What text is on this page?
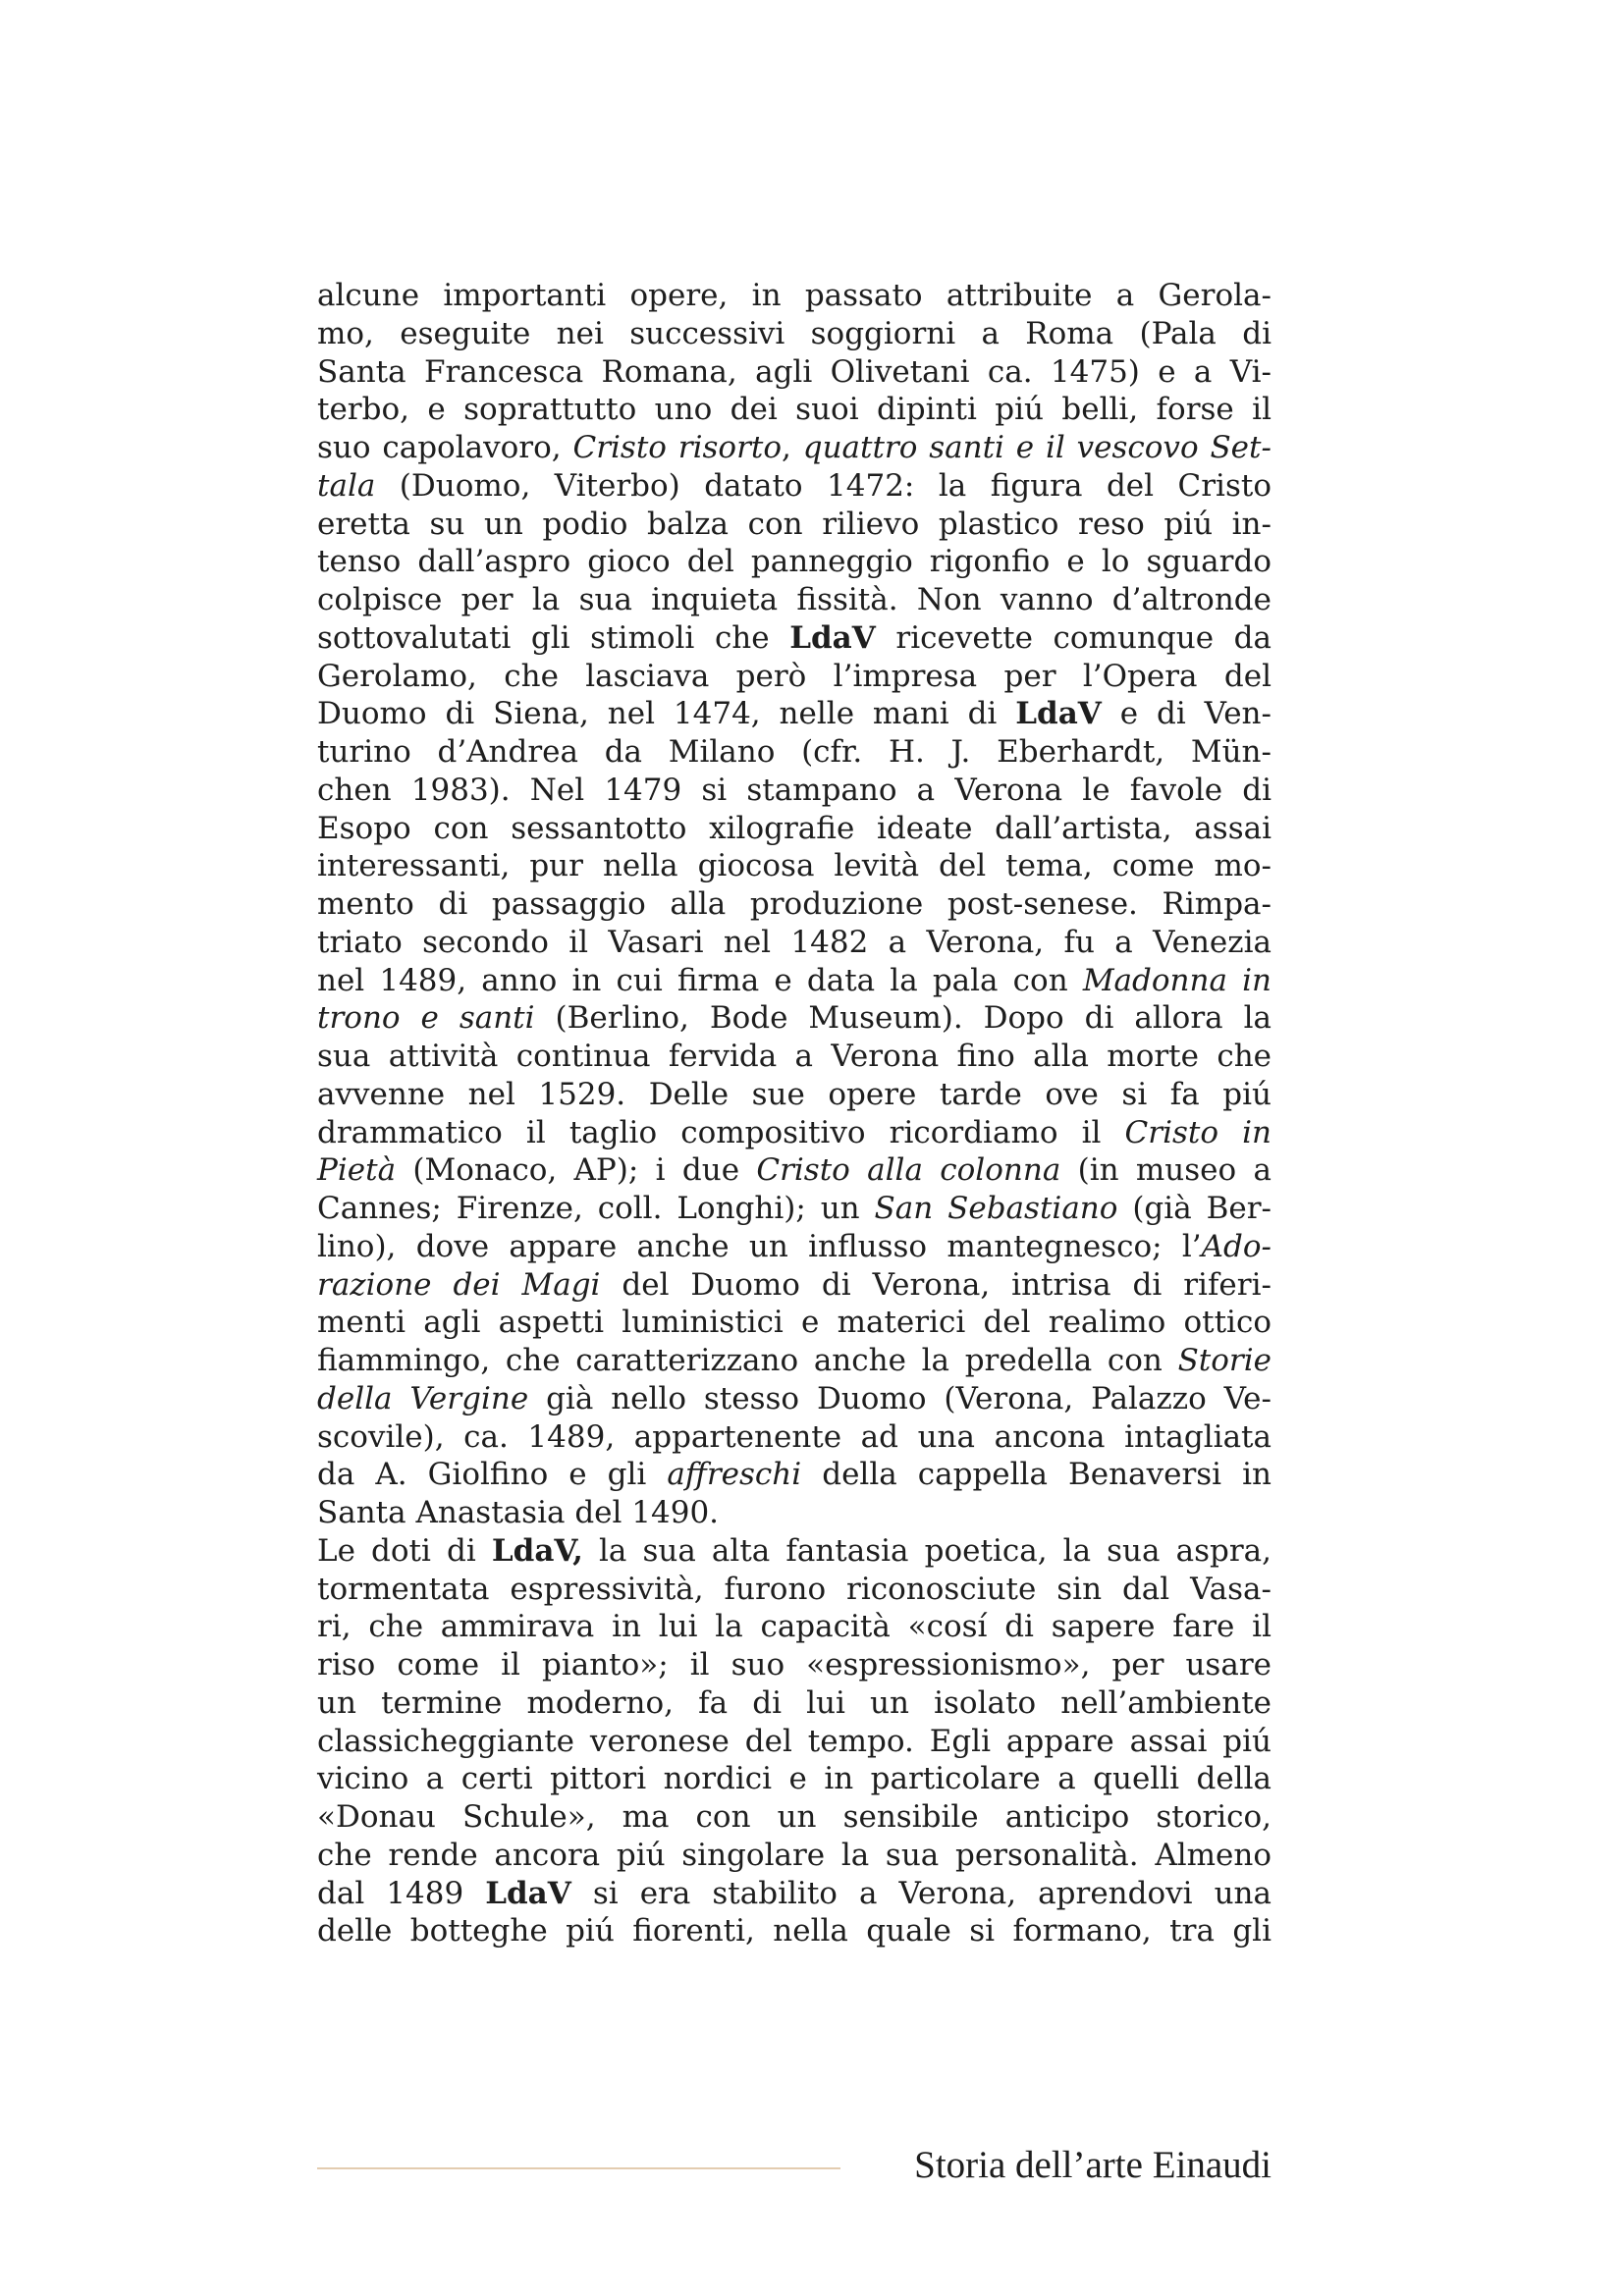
alcune importanti opere, in passato attribuite a Gerola-
mo, eseguite nei successivi soggiorni a Roma (Pala di
Santa Francesca Romana, agli Olivetani ca. 1475) e a Vi-
terbo, e soprattutto uno dei suoi dipinti piú belli, forse il
suo capolavoro, Cristo risorto, quattro santi e il vescovo Set-
tala (Duomo, Viterbo) datato 1472: la figura del Cristo
eretta su un podio balza con rilievo plastico reso piú in-
tenso dall’aspro gioco del panneggio rigonfio e lo sguardo
colpisce per la sua inquieta fissità. Non vanno d’altronde
sottovalutati gli stimoli che LdaV ricevette comunque da
Gerolamo, che lasciava però l’impresa per l’Opera del
Duomo di Siena, nel 1474, nelle mani di LdaV e di Ven-
turino d’Andrea da Milano (cfr. H. J. Eberhardt, Mün-
chen 1983). Nel 1479 si stampano a Verona le favole di
Esopo con sessantotto xilografie ideate dall’artista, assai
interessanti, pur nella giocosa levità del tema, come mo-
mento di passaggio alla produzione post-senese. Rimpa-
triato secondo il Vasari nel 1482 a Verona, fu a Venezia
nel 1489, anno in cui firma e data la pala con Madonna in
trono e santi (Berlino, Bode Museum). Dopo di allora la
sua attività continua fervida a Verona fino alla morte che
avvenne nel 1529. Delle sue opere tarde ove si fa piú
drammatico il taglio compositivo ricordiamo il Cristo in
Pietà (Monaco, AP); i due Cristo alla colonna (in museo a
Cannes; Firenze, coll. Longhi); un San Sebastiano (già Ber-
lino), dove appare anche un influsso mantegnesco; l’Ado-
razione dei Magi del Duomo di Verona, intrisa di riferi-
menti agli aspetti luministici e materici del realimo ottico
fiammingo, che caratterizzano anche la predella con Storie
della Vergine già nello stesso Duomo (Verona, Palazzo Ve-
scovile), ca. 1489, appartenente ad una ancona intagliata
da A. Giolfino e gli affreschi della cappella Benaversi in
Santa Anastasia del 1490.
Le doti di LdaV, la sua alta fantasia poetica, la sua aspra,
tormentata espressività, furono riconosciute sin dal Vasa-
ri, che ammirava in lui la capacità «cosí di sapere fare il
riso come il pianto»; il suo «espressionismo», per usare
un termine moderno, fa di lui un isolato nell’ambiente
classicheggiante veronese del tempo. Egli appare assai piú
vicino a certi pittori nordici e in particolare a quelli della
«Donau Schule», ma con un sensibile anticipo storico,
che rende ancora piú singolare la sua personalità. Almeno
dal 1489 LdaV si era stabilito a Verona, aprendovi una
delle botteghe piú fiorenti, nella quale si formano, tra gli
Storia dell’arte Einaudi
